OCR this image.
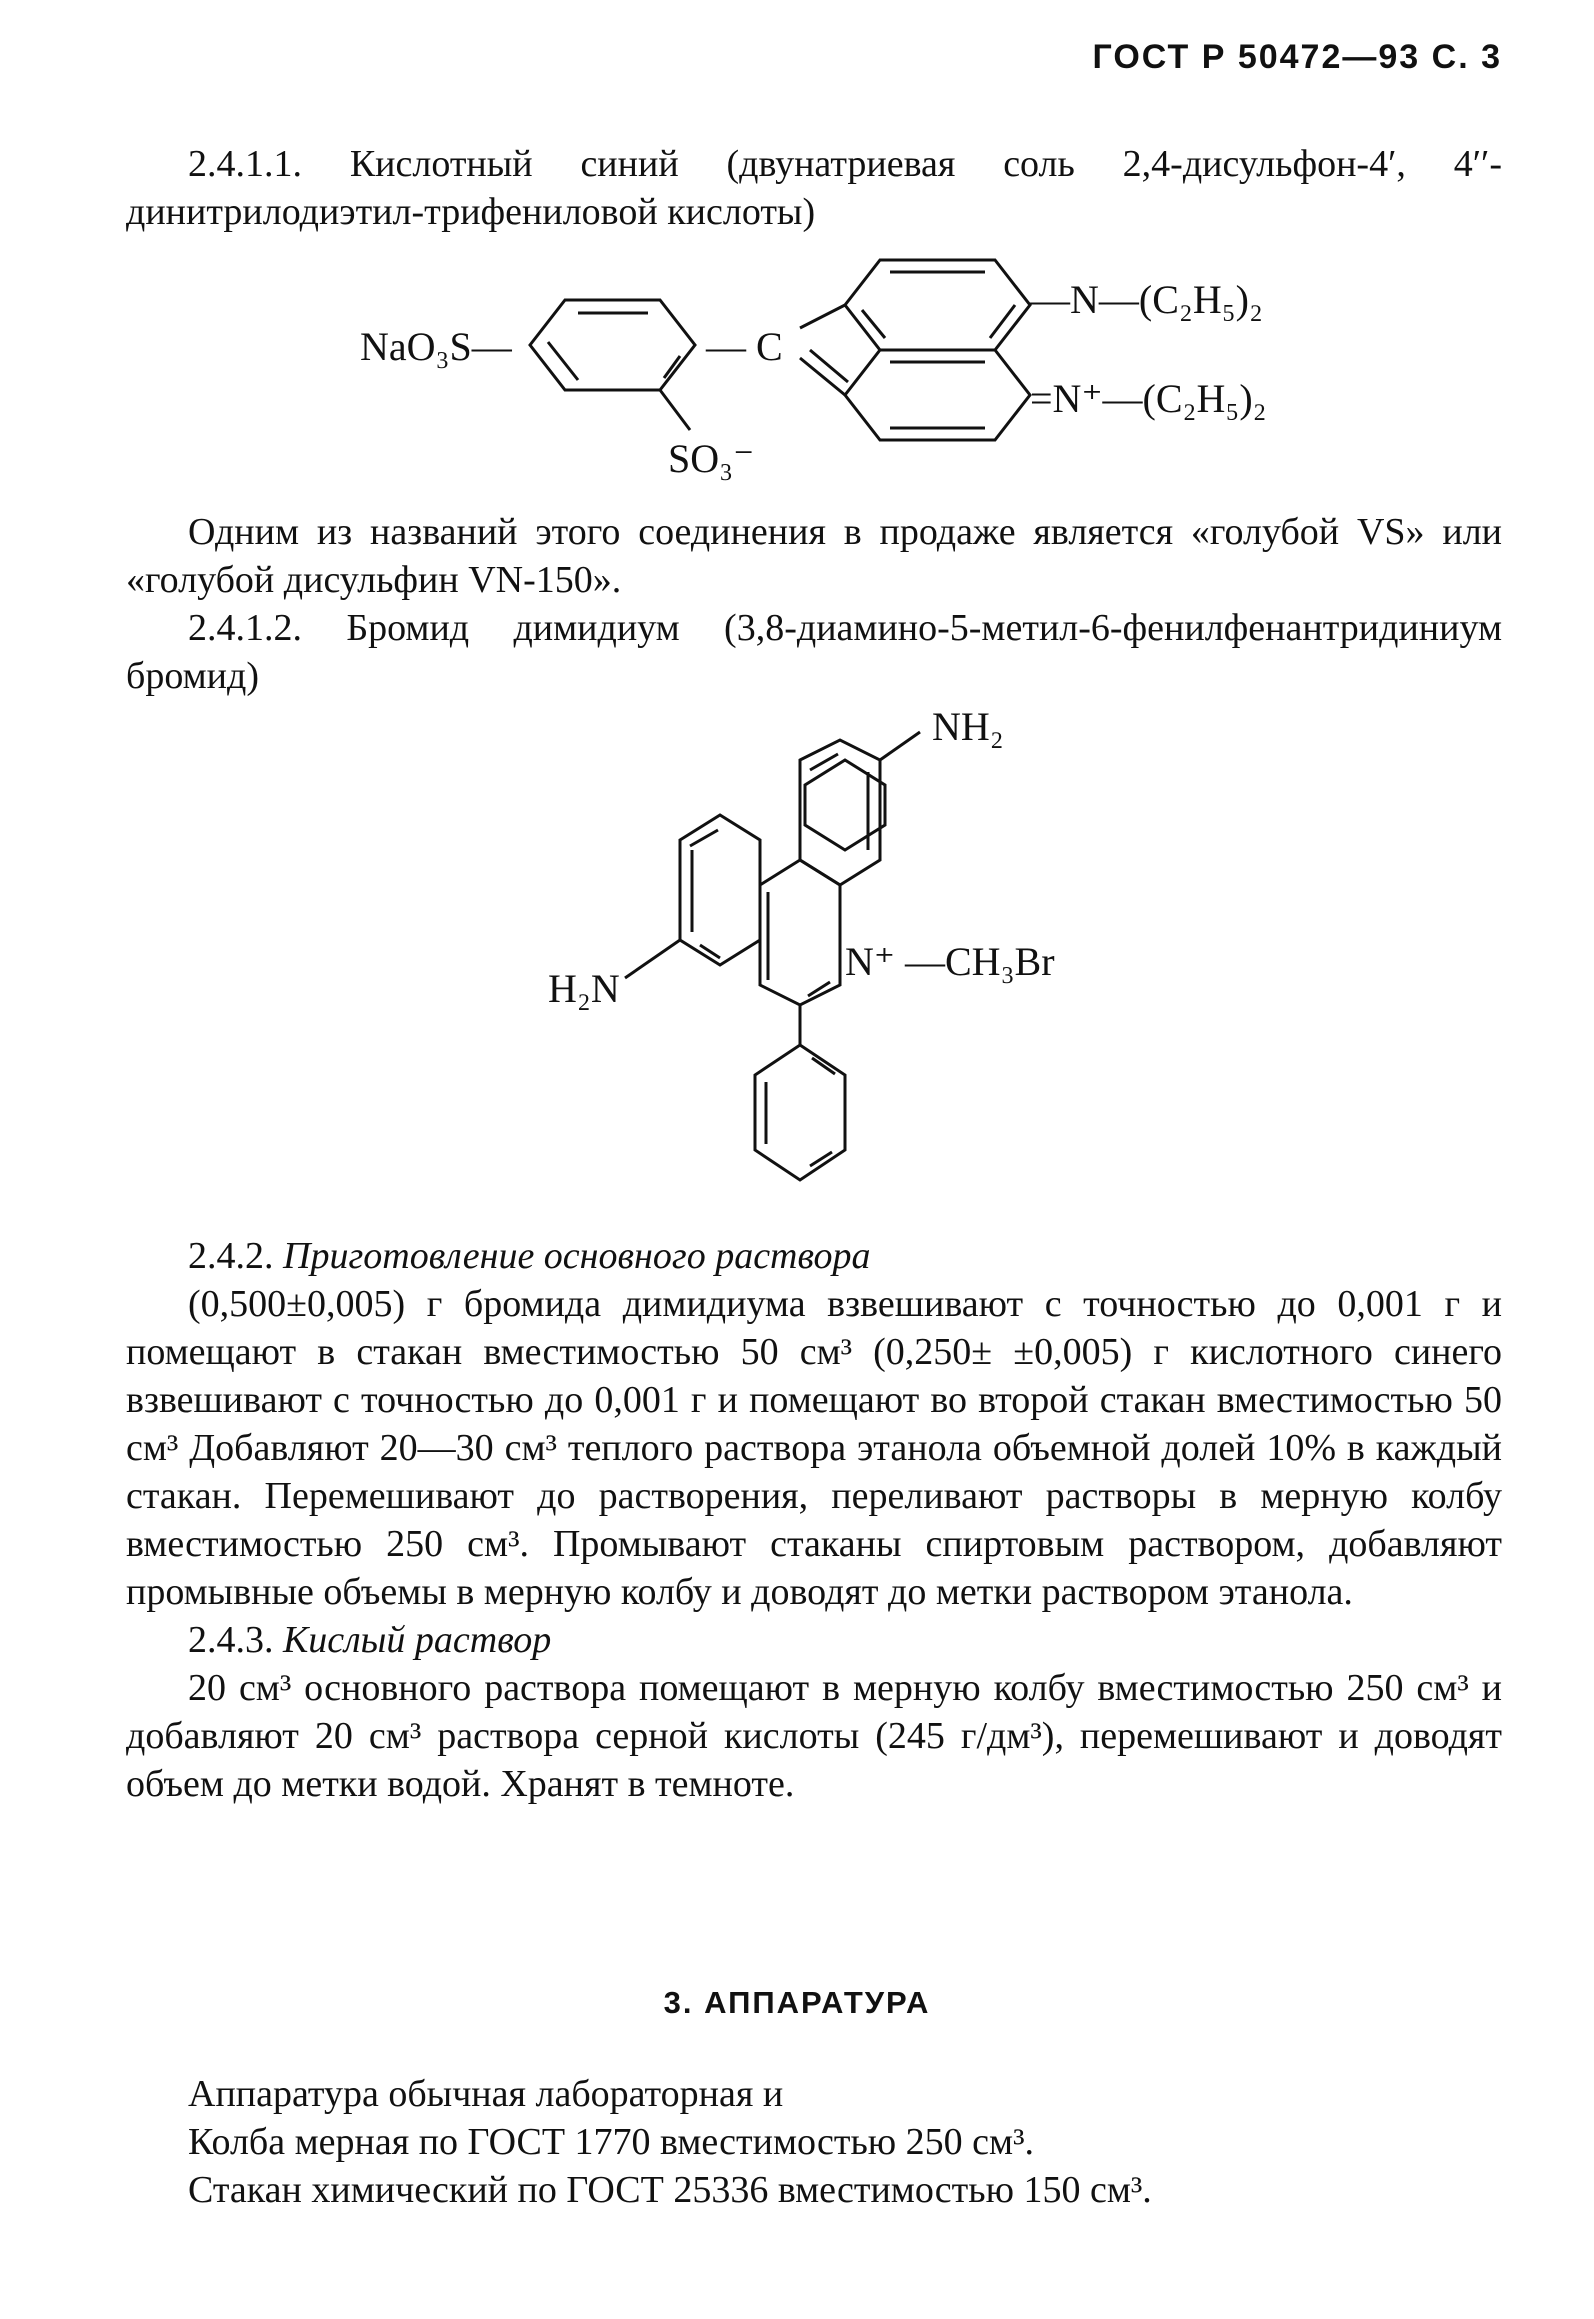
ГОСТ Р 50472—93 С. 3

2.4.1.1. Кислотный синий (двунатриевая соль 2,4-дисульфон-4′, 4′′-динитрилодиэтил-трифениловой кислоты)

NaO₃S—	— C
—N—(C₂H₅)₂
=N⁺—(C₂H₅)₂
SO₃⁻

Одним из названий этого соединения в продаже является «голубой VS» или «голубой дисульфин VN-150».

2.4.1.2. Бромид димидиум (3,8-диамино-5-метил-6-фенилфенантридиниум бромид)

NH₂
H₂N
N⁺ —CH₃Br

2.4.2. Приготовление основного раствора

(0,500±0,005) г бромида димидиума взвешивают с точностью до 0,001 г и помещают в стакан вместимостью 50 см³ (0,250± ±0,005) г кислотного синего взвешивают с точностью до 0,001 г и помещают во второй стакан вместимостью 50 см³ Добавляют 20—30 см³ теплого раствора этанола объемной долей 10% в каждый стакан. Перемешивают до растворения, переливают растворы в мерную колбу вместимостью 250 см³. Промывают стаканы спиртовым раствором, добавляют промывные объемы в мерную колбу и доводят до метки раствором этанола.

2.4.3. Кислый раствор

20 см³ основного раствора помещают в мерную колбу вместимостью 250 см³ и добавляют 20 см³ раствора серной кислоты (245 г/дм³), перемешивают и доводят объем до метки водой. Хранят в темноте.

3. АППАРАТУРА

Аппаратура обычная лабораторная и

Колба мерная по ГОСТ 1770 вместимостью 250 см³.

Стакан химический по ГОСТ 25336 вместимостью 150 см³.
